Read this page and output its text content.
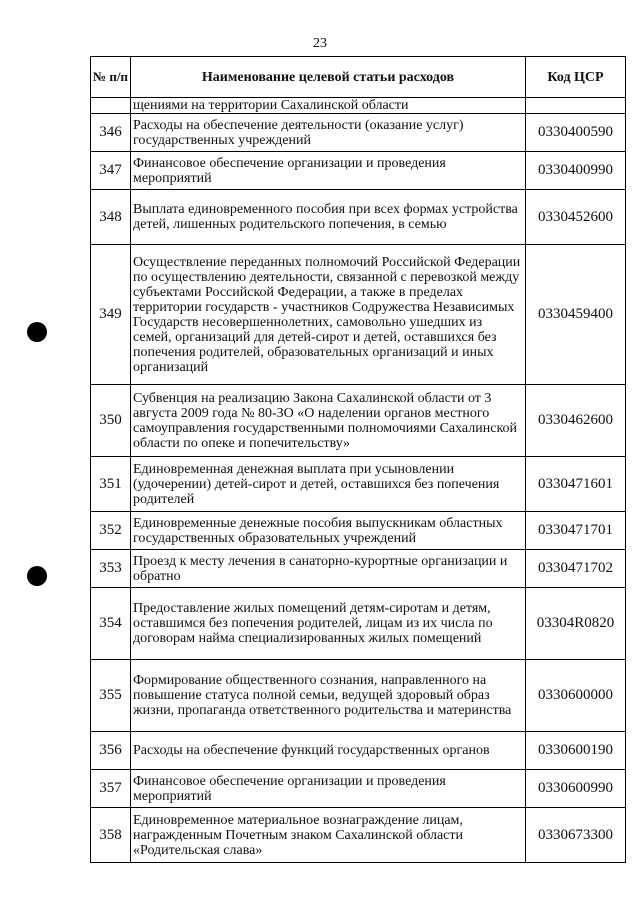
23
№ п/п	Наименование целевой статьи расходов	Код ЦСР
	щениями на территории Сахалинской области	
346	Расходы на обеспечение деятельности (оказание услуг) государственных учреждений	0330400590
347	Финансовое обеспечение организации и проведения мероприятий	0330400990
348	Выплата единовременного пособия при всех формах устройства детей, лишенных родительского попечения, в семью	0330452600
349	Осуществление переданных полномочий Российской Федерации по осуществлению деятельности, связанной с перевозкой между субъектами Российской Федерации, а также в пределах территории государств - участников Содружества Независимых Государств несовершеннолетних, самовольно ушедших из семей, организаций для детей-сирот и детей, оставшихся без попечения родителей, образовательных организаций и иных организаций	0330459400
350	Субвенция на реализацию Закона Сахалинской области от 3 августа 2009 года № 80-ЗО «О наделении органов местного самоуправления государственными полномочиями Сахалинской области по опеке и попечительству»	0330462600
351	Единовременная денежная выплата при усыновлении (удочерении) детей-сирот и детей, оставшихся без попечения родителей	0330471601
352	Единовременные денежные пособия выпускникам областных государственных образовательных учреждений	0330471701
353	Проезд к месту лечения в санаторно-курортные организации и обратно	0330471702
354	Предоставление жилых помещений детям-сиротам и детям, оставшимся без попечения родителей, лицам из их числа по договорам найма специализированных жилых помещений	03304R0820
355	Формирование общественного сознания, направленного на повышение статуса полной семьи, ведущей здоровый образ жизни, пропаганда ответственного родительства и материнства	0330600000
356	Расходы на обеспечение функций государственных органов	0330600190
357	Финансовое обеспечение организации и проведения мероприятий	0330600990
358	Единовременное материальное вознаграждение лицам, награжденным Почетным знаком Сахалинской области «Родительская слава»	0330673300
